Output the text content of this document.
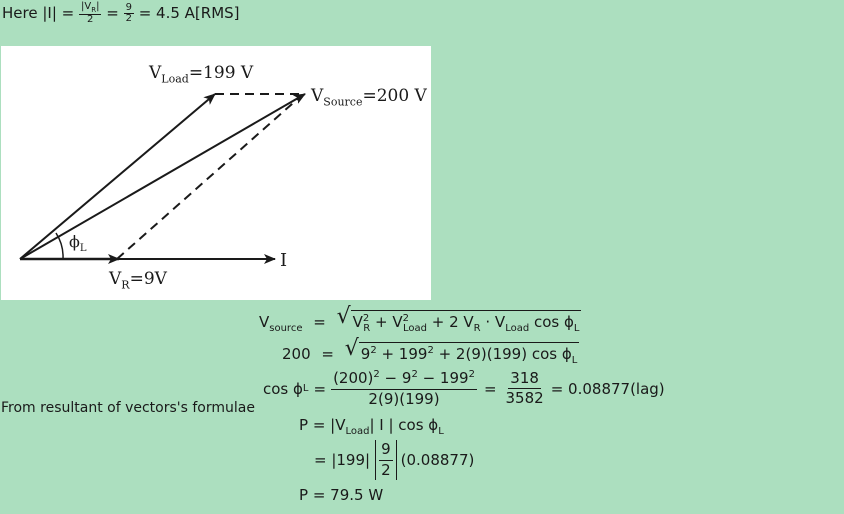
Here $|I| = \frac{|V_R|}{2} = \frac{9}{2} = 4.5$ A[RMS]
$V_{Load}=199$ V
$V_{Source}=200$ V
$\phi_L$
I
$V_R=9V$
From resultant of vectors's formulae
$V_{source}$ = √ $V^2_R + V^2_{Load} + 2$ $V_R \cdot V_{Load}$ $\cos \phi_L$
200 = √ $9^2 + 199^2 + 2(9)(199)$ $\cos \phi_L$
cos ϕ $L = \frac{(200)^2 - 9^2 - 199^2}{2(9)(199)} = \frac{318}{3582} = 0.08877(lag)$
$P = |V_{Load}|$ I | $\cos \phi_L$
= $|199| \frac{9}{2} (0.08877)$
P = 79.5 W
